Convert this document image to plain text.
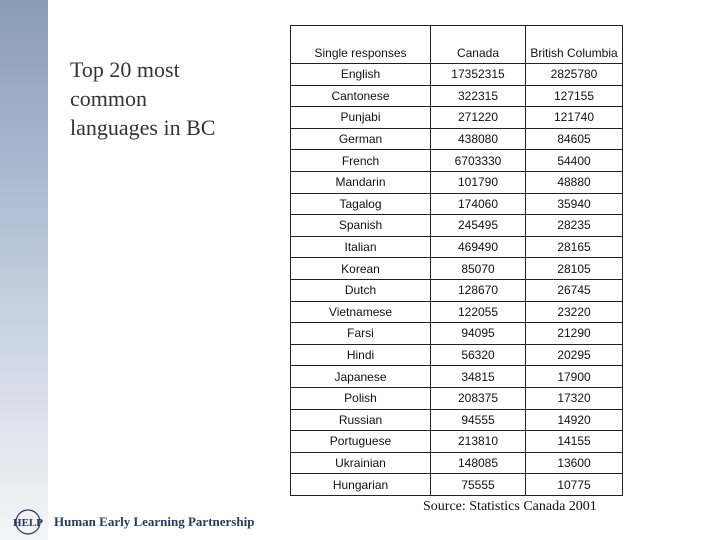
Top 20 most
common
languages in BC
Single responses	Canada	British Columbia
English	17352315	2825780
Cantonese	322315	127155
Punjabi	271220	121740
German	438080	84605
French	6703330	54400
Mandarin	101790	48880
Tagalog	174060	35940
Spanish	245495	28235
Italian	469490	28165
Korean	85070	28105
Dutch	128670	26745
Vietnamese	122055	23220
Farsi	94095	21290
Hindi	56320	20295
Japanese	34815	17900
Polish	208375	17320
Russian	94555	14920
Portuguese	213810	14155
Ukrainian	148085	13600
Hungarian	75555	10775
Source: Statistics Canada 2001
HELP Human Early Learning Partnership
